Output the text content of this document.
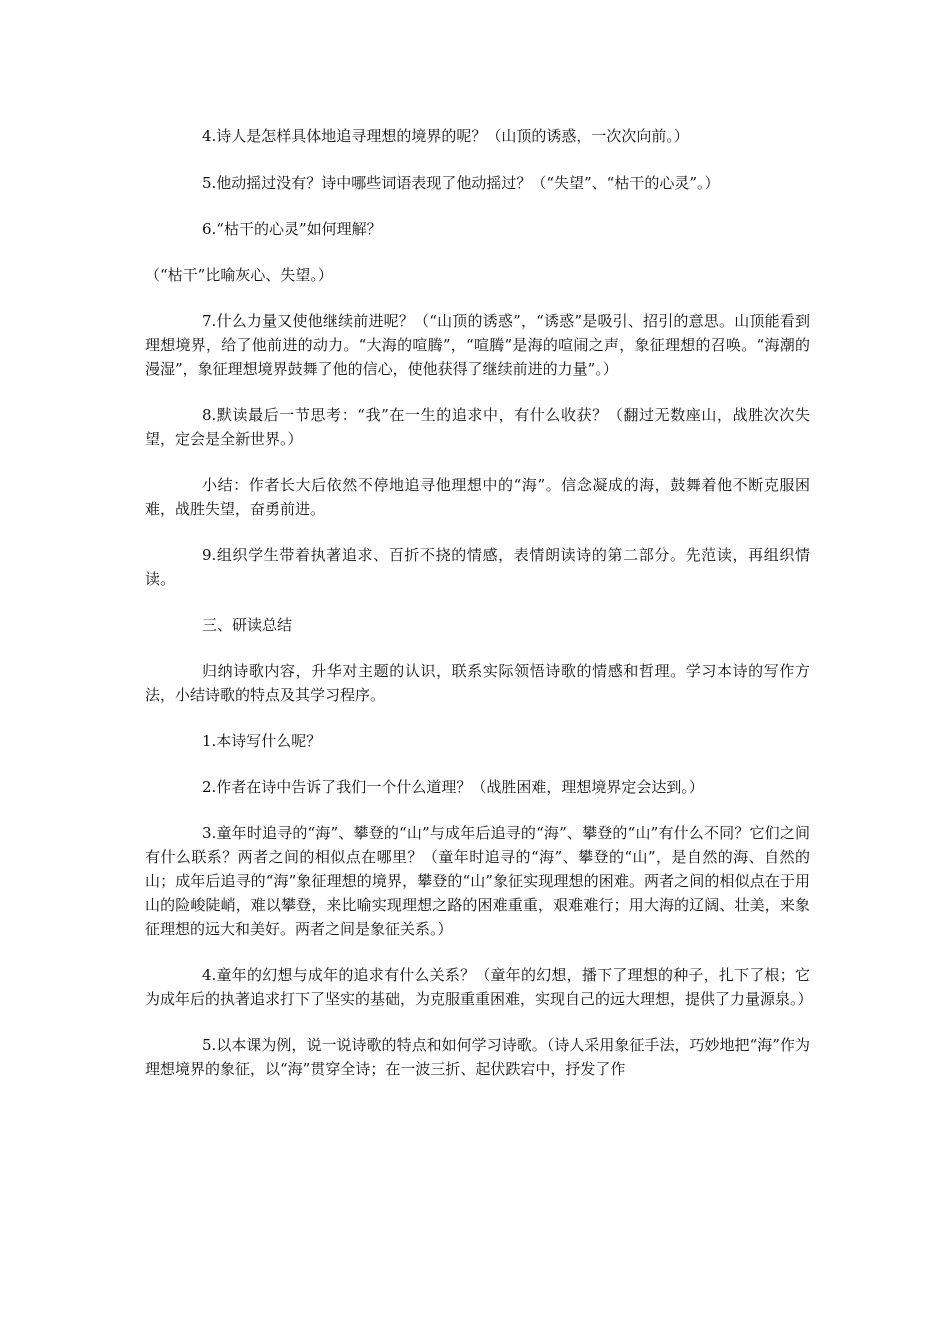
4.诗人是怎样具体地追寻理想的境界的呢？（山顶的诱惑，一次次向前。）

5.他动摇过没有？诗中哪些词语表现了他动摇过？（“失望”、“枯干的心灵”。）

6.“枯干的心灵”如何理解？

（“枯干”比喻灰心、失望。）

7.什么力量又使他继续前进呢？（“山顶的诱惑”，“诱惑”是吸引、招引的意思。山顶能看到理想境界，给了他前进的动力。“大海的喧腾”，“喧腾”是海的喧闹之声，象征理想的召唤。“海潮的漫湿”，象征理想境界鼓舞了他的信心，使他获得了继续前进的力量”。）

8.默读最后一节思考：“我”在一生的追求中，有什么收获？（翻过无数座山，战胜次次失望，定会是全新世界。）

小结：作者长大后依然不停地追寻他理想中的“海”。信念凝成的海，鼓舞着他不断克服困难，战胜失望，奋勇前进。

9.组织学生带着执著追求、百折不挠的情感，表情朗读诗的第二部分。先范读，再组织情读。

三、研读总结

归纳诗歌内容，升华对主题的认识，联系实际领悟诗歌的情感和哲理。学习本诗的写作方法，小结诗歌的特点及其学习程序。

1.本诗写什么呢？

2.作者在诗中告诉了我们一个什么道理？（战胜困难，理想境界定会达到。）

3.童年时追寻的“海”、攀登的“山”与成年后追寻的“海”、攀登的“山”有什么不同？它们之间有什么联系？两者之间的相似点在哪里？（童年时追寻的“海”、攀登的“山”，是自然的海、自然的山；成年后追寻的“海”象征理想的境界，攀登的“山”象征实现理想的困难。两者之间的相似点在于用山的险峻陡峭，难以攀登，来比喻实现理想之路的困难重重，艰难难行；用大海的辽阔、壮美，来象征理想的远大和美好。两者之间是象征关系。）

4.童年的幻想与成年的追求有什么关系？（童年的幻想，播下了理想的种子，扎下了根；它为成年后的执著追求打下了坚实的基础，为克服重重困难，实现自己的远大理想，提供了力量源泉。）

5.以本课为例，说一说诗歌的特点和如何学习诗歌。（诗人采用象征手法，巧妙地把“海”作为理想境界的象征，以“海”贯穿全诗；在一波三折、起伏跌宕中，抒发了作
